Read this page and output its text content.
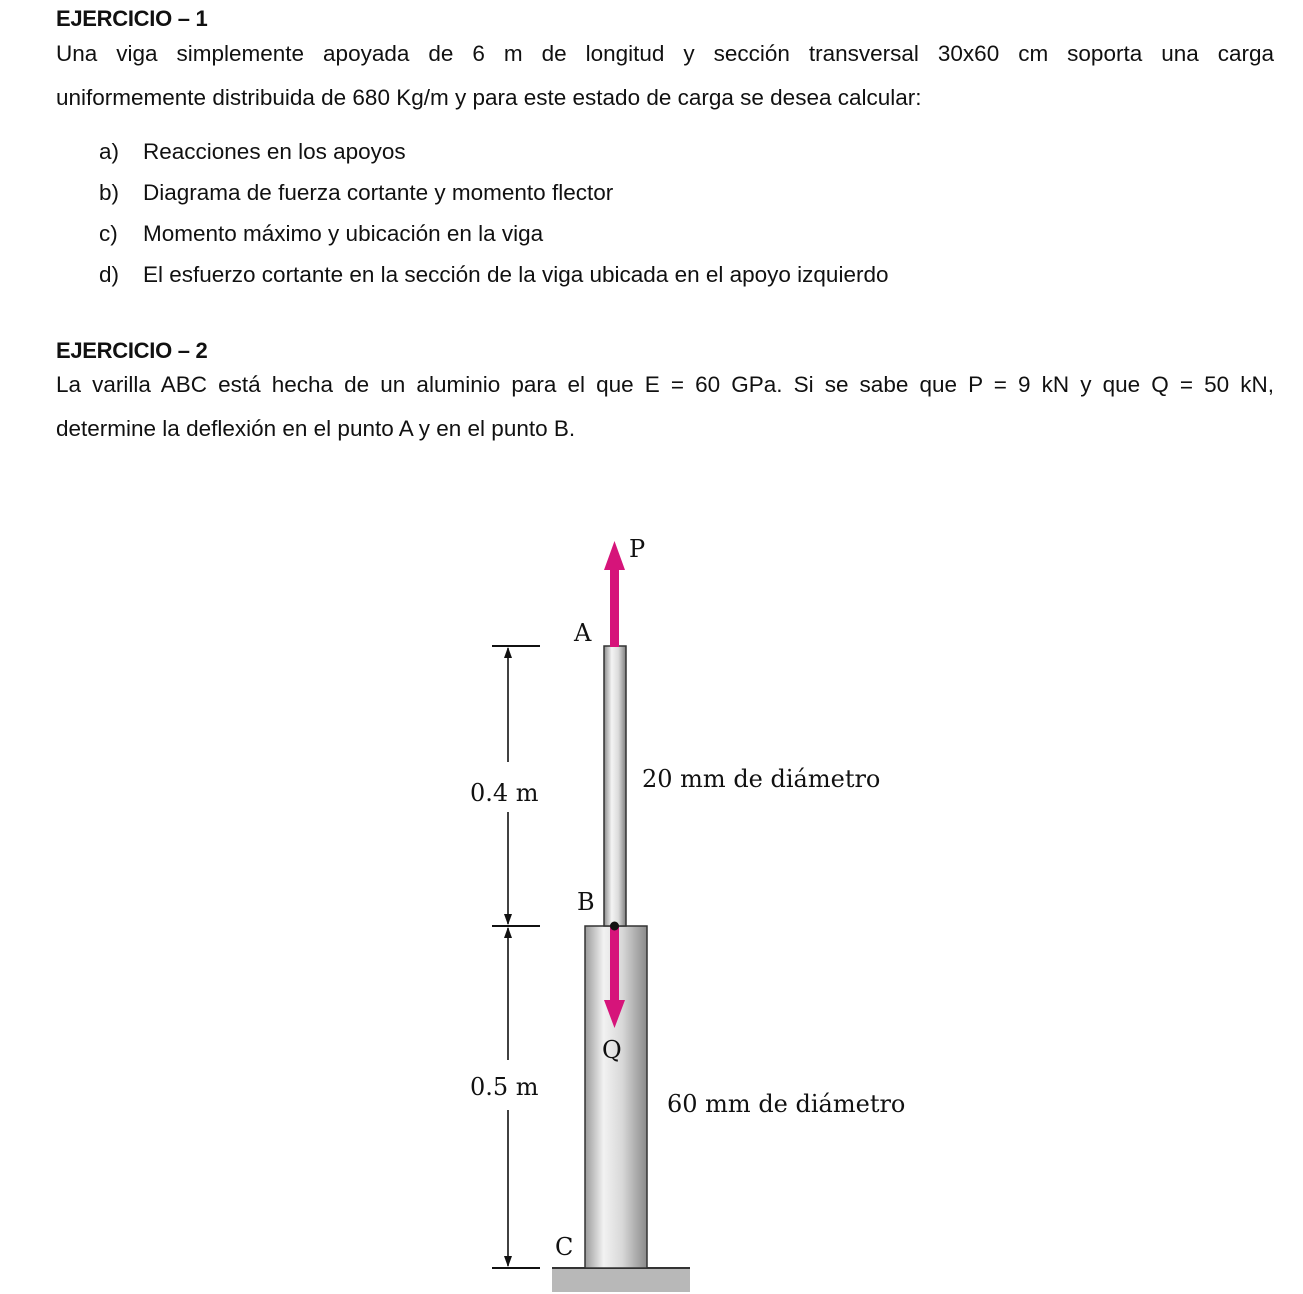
EJERCICIO – 1
Una viga simplemente apoyada de 6 m de longitud y sección transversal 30x60 cm soporta una carga
uniformemente distribuida de 680 Kg/m y para este estado de carga se desea calcular:
a) Reacciones en los apoyos
b) Diagrama de fuerza cortante y momento flector
c) Momento máximo y ubicación en la viga
d) El esfuerzo cortante en la sección de la viga ubicada en el apoyo izquierdo
EJERCICIO – 2
La varilla ABC está hecha de un aluminio para el que E = 60 GPa. Si se sabe que P = 9 kN y que Q = 50 kN,
determine la deflexión en el punto A y en el punto B.
P
A
B
Q
C
0.4 m
0.5 m
20 mm de diámetro
60 mm de diámetro
